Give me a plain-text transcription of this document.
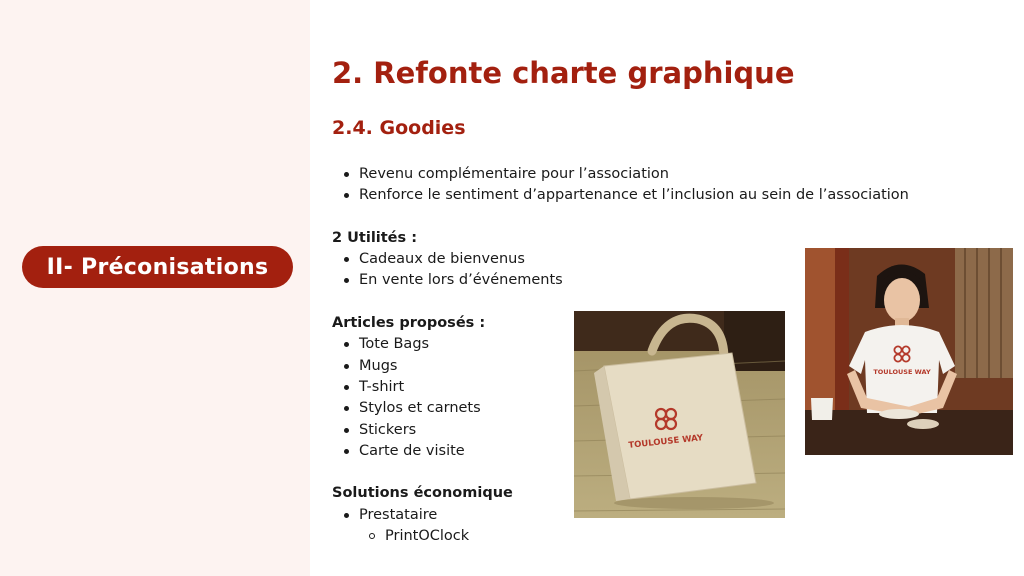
II- Préconisations
2. Refonte charte graphique
2.4. Goodies
Revenu complémentaire pour l’association
Renforce le sentiment d’appartenance et l’inclusion au sein de l’association
2 Utilités :
Cadeaux de bienvenus
En vente lors d’événements
Articles proposés :
Tote Bags
Mugs
T-shirt
Stylos et carnets
Stickers
Carte de visite
Solutions économique
Prestataire
PrintOClock
TOULOUSE WAY
TOULOUSE WAY
